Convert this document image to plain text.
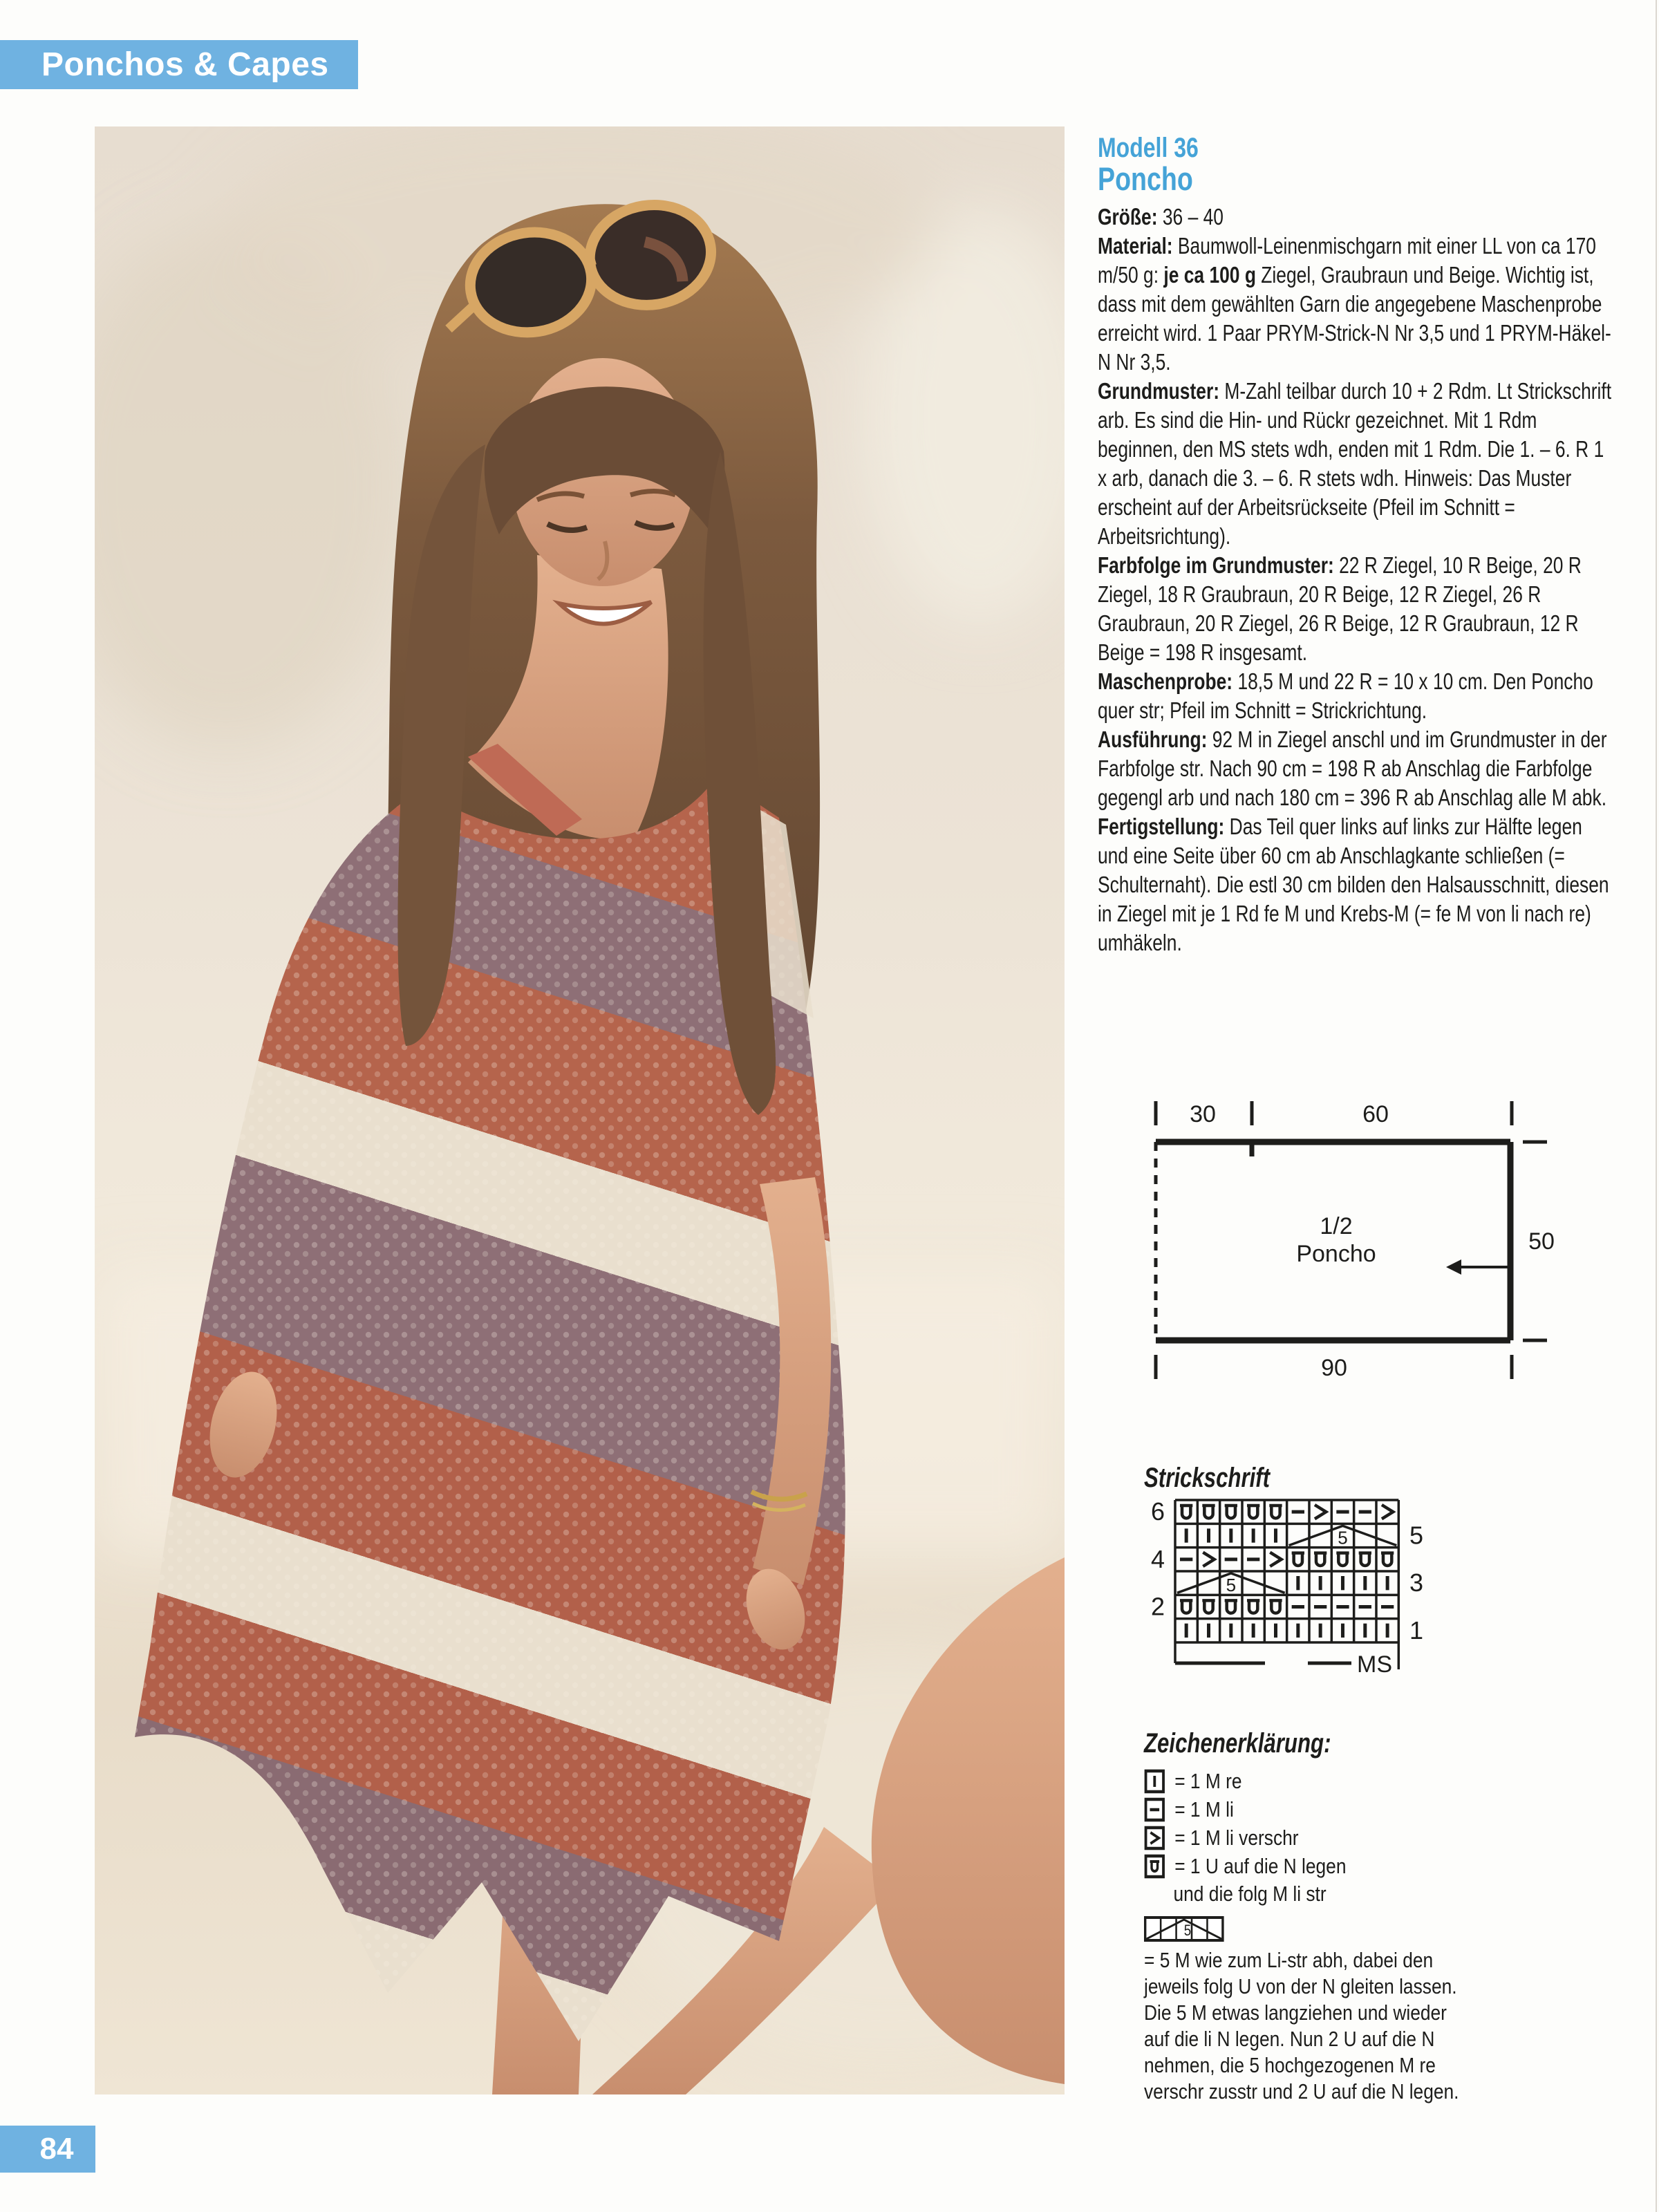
Ponchos & Capes

Modell 36

Poncho

Größe: 36 – 40

Material: Baumwoll-Leinenmischgarn mit einer LL von ca 170 m/50 g: je ca 100 g Ziegel, Graubraun und Beige. Wichtig ist, dass mit dem gewählten Garn die angegebene Maschenprobe erreicht wird. 1 Paar PRYM-Strick-N Nr 3,5 und 1 PRYM-Häkel-N Nr 3,5.

Grundmuster: M-Zahl teilbar durch 10 + 2 Rdm. Lt Strickschrift arb. Es sind die Hin- und Rückr gezeichnet. Mit 1 Rdm beginnen, den MS stets wdh, enden mit 1 Rdm. Die 1. – 6. R 1 x arb, danach die 3. – 6. R stets wdh. Hinweis: Das Muster erscheint auf der Arbeitsrückseite (Pfeil im Schnitt = Arbeitsrichtung).

Farbfolge im Grundmuster: 22 R Ziegel, 10 R Beige, 20 R Ziegel, 18 R Graubraun, 20 R Beige, 12 R Ziegel, 26 R Graubraun, 20 R Ziegel, 26 R Beige, 12 R Graubraun, 12 R Beige = 198 R insgesamt.

Maschenprobe: 18,5 M und 22 R = 10 x 10 cm. Den Poncho quer str; Pfeil im Schnitt = Strickrichtung.

Ausführung: 92 M in Ziegel anschl und im Grundmuster in der Farbfolge str. Nach 90 cm = 198 R ab Anschlag die Farbfolge gegengl arb und nach 180 cm = 396 R ab Anschlag alle M abk.

Fertigstellung: Das Teil quer links auf links zur Hälfte legen und eine Seite über 60 cm ab Anschlagkante schließen (= Schulternaht). Die estl 30 cm bilden den Halsausschnitt, diesen in Ziegel mit je 1 Rd fe M und Krebs-M (= fe M von li nach re) umhäkeln.

30	60
50
90
1/2
Poncho

Strickschrift

5
5
6
4
2
5
3
1
MS

Zeichenerklärung:

= 1 M re
= 1 M li
= 1 M li verschr
= 1 U auf die N legen
und die folg M li str
5
= 5 M wie zum Li-str abh, dabei den
jeweils folg U von der N gleiten lassen.
Die 5 M etwas langziehen und wieder
auf die li N legen. Nun 2 U auf die N
nehmen, die 5 hochgezogenen M re
verschr zusstr und 2 U auf die N legen.
84
